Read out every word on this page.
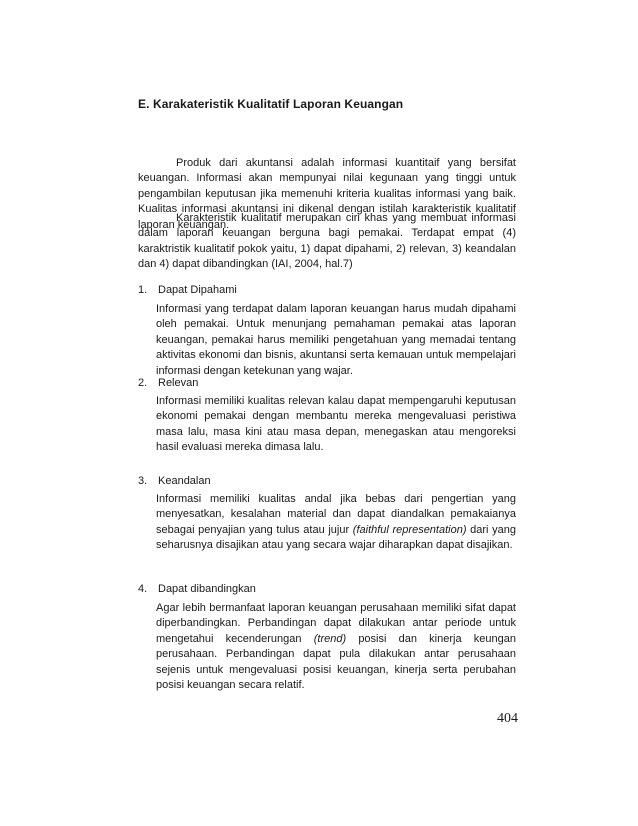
E. Karakateristik Kualitatif Laporan Keuangan

Produk dari akuntansi adalah informasi kuantitaif yang bersifat keuangan. Informasi akan mempunyai nilai kegunaan yang tinggi untuk pengambilan keputusan jika memenuhi kriteria kualitas informasi yang baik. Kualitas informasi akuntansi ini dikenal dengan istilah karakteristik kualitatif laporan keuangan.

Karakteristik kualitatif merupakan ciri khas yang membuat informasi dalam laporan keuangan berguna bagi pemakai. Terdapat empat (4) karaktristik kualitatif pokok yaitu, 1) dapat dipahami, 2) relevan, 3) keandalan dan 4) dapat dibandingkan (IAI, 2004, hal.7)

1. Dapat Dipahami

Informasi yang terdapat dalam laporan keuangan harus mudah dipahami oleh pemakai. Untuk menunjang pemahaman pemakai atas laporan keuangan, pemakai harus memiliki pengetahuan yang memadai tentang aktivitas ekonomi dan bisnis, akuntansi serta kemauan untuk mempelajari informasi dengan ketekunan yang wajar.

2. Relevan

Informasi memiliki kualitas relevan kalau dapat mempengaruhi keputusan ekonomi pemakai dengan membantu mereka mengevaluasi peristiwa masa lalu, masa kini atau masa depan, menegaskan atau mengoreksi hasil evaluasi mereka dimasa lalu.

3. Keandalan

Informasi memiliki kualitas andal jika bebas dari pengertian yang menyesatkan, kesalahan material dan dapat diandalkan pemakaianya sebagai penyajian yang tulus atau jujur (faithful representation) dari yang seharusnya disajikan atau yang secara wajar diharapkan dapat disajikan.

4. Dapat dibandingkan

Agar lebih bermanfaat laporan keuangan perusahaan memiliki sifat dapat diperbandingkan. Perbandingan dapat dilakukan antar periode untuk mengetahui kecenderungan (trend) posisi dan kinerja keungan perusahaan. Perbandingan dapat pula dilakukan antar perusahaan sejenis untuk mengevaluasi posisi keuangan, kinerja serta perubahan posisi keuangan secara relatif.

404
